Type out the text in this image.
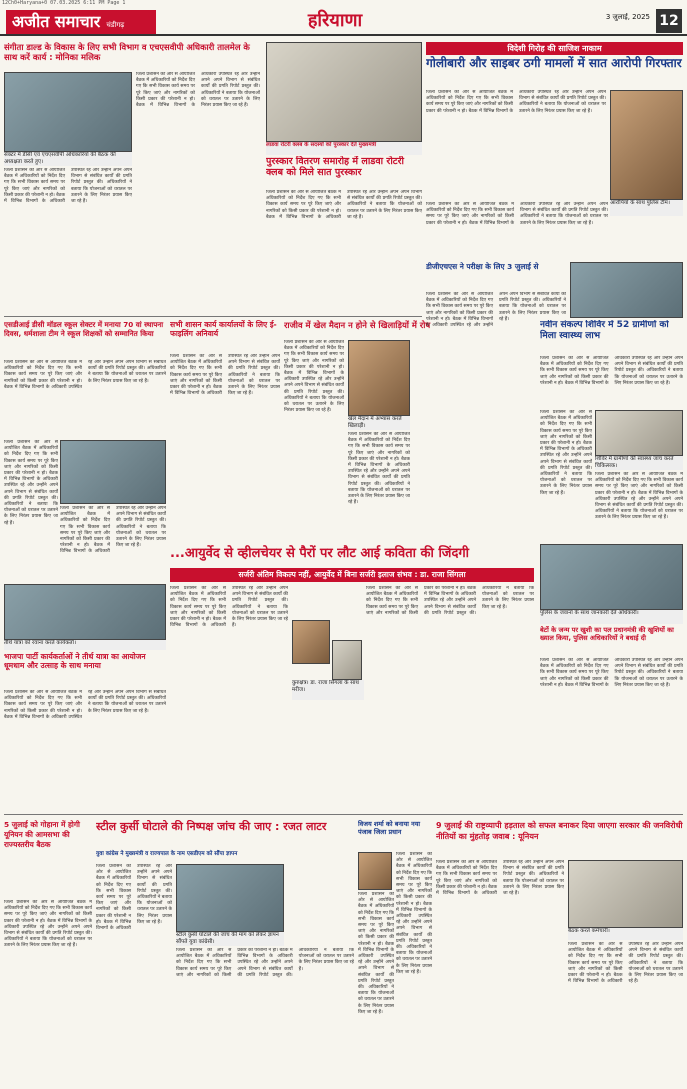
12Ch0+Haryana+0 07.03.2025 6:11 PM Page 1
अजीत समाचार चंडीगढ़	हरियाणा	3 जुलाई, 2025 12
संगीता डाल्ड के विकास के लिए सभी विभाग व एचएसवीपी अधिकारी तालमेल के साथ करें कार्य : मोनिका मलिक
सेक्टर में डीसी एवं एचएसवीपी अधिकारियों की बैठक की अध्यक्षता करते हुए।
जिला प्रशासन की ओर से आयोजित बैठक में अधिकारियों को निर्देश दिए गए कि सभी विकास कार्य समय पर पूरे किए जाएं और नागरिकों को किसी प्रकार की परेशानी न हो। बैठक में विभिन्न विभागों के अधिकारी उपस्थित रहे और उन्होंने अपने अपने विभाग से संबंधित कार्यों की प्रगति रिपोर्ट प्रस्तुत की। अधिकारियों ने बताया कि योजनाओं को धरातल पर उतारने के लिए निरंतर प्रयास किए जा रहे हैं।
जिला प्रशासन की ओर से आयोजित बैठक में अधिकारियों को निर्देश दिए गए कि सभी विकास कार्य समय पर पूरे किए जाएं और नागरिकों को किसी प्रकार की परेशानी न हो। बैठक में विभिन्न विभागों के अधिकारी उपस्थित रहे और उन्होंने अपने अपने विभाग से संबंधित कार्यों की प्रगति रिपोर्ट प्रस्तुत की। अधिकारियों ने बताया कि योजनाओं को धरातल पर उतारने के लिए निरंतर प्रयास किए जा रहे हैं।
लाडवा रोटरी क्लब के सदस्यों को पुरस्कार देते मुख्यमंत्री
पुरस्कार वितरण समारोह में लाडवा रोटरी क्लब को मिले सात पुरस्कार
जिला प्रशासन की ओर से आयोजित बैठक में अधिकारियों को निर्देश दिए गए कि सभी विकास कार्य समय पर पूरे किए जाएं और नागरिकों को किसी प्रकार की परेशानी न हो। बैठक में विभिन्न विभागों के अधिकारी उपस्थित रहे और उन्होंने अपने अपने विभाग से संबंधित कार्यों की प्रगति रिपोर्ट प्रस्तुत की। अधिकारियों ने बताया कि योजनाओं को धरातल पर उतारने के लिए निरंतर प्रयास किए जा रहे हैं।
विदेशी गिरोह की साजिश नाकाम
गोलीबारी और साइबर ठगी मामलों में सात आरोपी गिरफ्तार
जिला प्रशासन की ओर से आयोजित बैठक में अधिकारियों को निर्देश दिए गए कि सभी विकास कार्य समय पर पूरे किए जाएं और नागरिकों को किसी प्रकार की परेशानी न हो। बैठक में विभिन्न विभागों के अधिकारी उपस्थित रहे और उन्होंने अपने अपने विभाग से संबंधित कार्यों की प्रगति रिपोर्ट प्रस्तुत की। अधिकारियों ने बताया कि योजनाओं को धरातल पर उतारने के लिए निरंतर प्रयास किए जा रहे हैं।
आरोपियों के साथ पुलिस टीम।
जिला प्रशासन की ओर से आयोजित बैठक में अधिकारियों को निर्देश दिए गए कि सभी विकास कार्य समय पर पूरे किए जाएं और नागरिकों को किसी प्रकार की परेशानी न हो। बैठक में विभिन्न विभागों के अधिकारी उपस्थित रहे और उन्होंने अपने अपने विभाग से संबंधित कार्यों की प्रगति रिपोर्ट प्रस्तुत की। अधिकारियों ने बताया कि योजनाओं को धरातल पर उतारने के लिए निरंतर प्रयास किए जा रहे हैं।
एसडीआई डीसी मॉडल स्कूल सेक्टर में मनाया 70 वां स्थापना दिवस, धर्मशाला टीम ने स्कूल शिक्षकों को सम्मानित किया
जिला प्रशासन की ओर से आयोजित बैठक में अधिकारियों को निर्देश दिए गए कि सभी विकास कार्य समय पर पूरे किए जाएं और नागरिकों को किसी प्रकार की परेशानी न हो। बैठक में विभिन्न विभागों के अधिकारी उपस्थित रहे और उन्होंने अपने अपने विभाग से संबंधित कार्यों की प्रगति रिपोर्ट प्रस्तुत की। अधिकारियों ने बताया कि योजनाओं को धरातल पर उतारने के लिए निरंतर प्रयास किए जा रहे हैं।
जिला प्रशासन की ओर से आयोजित बैठक में अधिकारियों को निर्देश दिए गए कि सभी विकास कार्य समय पर पूरे किए जाएं और नागरिकों को किसी प्रकार की परेशानी न हो। बैठक में विभिन्न विभागों के अधिकारी उपस्थित रहे और उन्होंने अपने अपने विभाग से संबंधित कार्यों की प्रगति रिपोर्ट प्रस्तुत की। अधिकारियों ने बताया कि योजनाओं को धरातल पर उतारने के लिए निरंतर प्रयास किए जा रहे हैं।
जिला प्रशासन की ओर से आयोजित बैठक में अधिकारियों को निर्देश दिए गए कि सभी विकास कार्य समय पर पूरे किए जाएं और नागरिकों को किसी प्रकार की परेशानी न हो। बैठक में विभिन्न विभागों के अधिकारी उपस्थित रहे और उन्होंने अपने अपने विभाग से संबंधित कार्यों की प्रगति रिपोर्ट प्रस्तुत की। अधिकारियों ने बताया कि योजनाओं को धरातल पर उतारने के लिए निरंतर प्रयास किए जा रहे हैं।
सभी शासन कार्य कार्यालयों के लिए ई-फाइलिंग अनिवार्य
जिला प्रशासन की ओर से आयोजित बैठक में अधिकारियों को निर्देश दिए गए कि सभी विकास कार्य समय पर पूरे किए जाएं और नागरिकों को किसी प्रकार की परेशानी न हो। बैठक में विभिन्न विभागों के अधिकारी उपस्थित रहे और उन्होंने अपने अपने विभाग से संबंधित कार्यों की प्रगति रिपोर्ट प्रस्तुत की। अधिकारियों ने बताया कि योजनाओं को धरातल पर उतारने के लिए निरंतर प्रयास किए जा रहे हैं।
राजीव में खेल मैदान न होने से खिलाड़ियों में रोष
जिला प्रशासन की ओर से आयोजित बैठक में अधिकारियों को निर्देश दिए गए कि सभी विकास कार्य समय पर पूरे किए जाएं और नागरिकों को किसी प्रकार की परेशानी न हो। बैठक में विभिन्न विभागों के अधिकारी उपस्थित रहे और उन्होंने अपने अपने विभाग से संबंधित कार्यों की प्रगति रिपोर्ट प्रस्तुत की। अधिकारियों ने बताया कि योजनाओं को धरातल पर उतारने के लिए निरंतर प्रयास किए जा रहे हैं।
खेल मैदान में अभ्यास करते खिलाड़ी।
जिला प्रशासन की ओर से आयोजित बैठक में अधिकारियों को निर्देश दिए गए कि सभी विकास कार्य समय पर पूरे किए जाएं और नागरिकों को किसी प्रकार की परेशानी न हो। बैठक में विभिन्न विभागों के अधिकारी उपस्थित रहे और उन्होंने अपने अपने विभाग से संबंधित कार्यों की प्रगति रिपोर्ट प्रस्तुत की। अधिकारियों ने बताया कि योजनाओं को धरातल पर उतारने के लिए निरंतर प्रयास किए जा रहे हैं।
डीजीएचएस ने परीक्षा के लिए 3 जुलाई से
जिला प्रशासन की ओर से आयोजित बैठक में अधिकारियों को निर्देश दिए गए कि सभी विकास कार्य समय पर पूरे किए जाएं और नागरिकों को किसी प्रकार की परेशानी न हो। बैठक में विभिन्न विभागों के अधिकारी उपस्थित रहे और उन्होंने अपने अपने विभाग से संबंधित कार्यों की प्रगति रिपोर्ट प्रस्तुत की। अधिकारियों ने बताया कि योजनाओं को धरातल पर उतारने के लिए निरंतर प्रयास किए जा रहे हैं।
नवीन संकल्प शिविर में 52 ग्रामीणों को मिला स्वास्थ्य लाभ
जिला प्रशासन की ओर से आयोजित बैठक में अधिकारियों को निर्देश दिए गए कि सभी विकास कार्य समय पर पूरे किए जाएं और नागरिकों को किसी प्रकार की परेशानी न हो। बैठक में विभिन्न विभागों के अधिकारी उपस्थित रहे और उन्होंने अपने अपने विभाग से संबंधित कार्यों की प्रगति रिपोर्ट प्रस्तुत की। अधिकारियों ने बताया कि योजनाओं को धरातल पर उतारने के लिए निरंतर प्रयास किए जा रहे हैं।
शिविर में ग्रामीणों की स्वास्थ्य जांच करते चिकित्सक।
जिला प्रशासन की ओर से आयोजित बैठक में अधिकारियों को निर्देश दिए गए कि सभी विकास कार्य समय पर पूरे किए जाएं और नागरिकों को किसी प्रकार की परेशानी न हो। बैठक में विभिन्न विभागों के अधिकारी उपस्थित रहे और उन्होंने अपने अपने विभाग से संबंधित कार्यों की प्रगति रिपोर्ट प्रस्तुत की। अधिकारियों ने बताया कि योजनाओं को धरातल पर उतारने के लिए निरंतर प्रयास किए जा रहे हैं।
जिला प्रशासन की ओर से आयोजित बैठक में अधिकारियों को निर्देश दिए गए कि सभी विकास कार्य समय पर पूरे किए जाएं और नागरिकों को किसी प्रकार की परेशानी न हो। बैठक में विभिन्न विभागों के अधिकारी उपस्थित रहे और उन्होंने अपने अपने विभाग से संबंधित कार्यों की प्रगति रिपोर्ट प्रस्तुत की। अधिकारियों ने बताया कि योजनाओं को धरातल पर उतारने के लिए निरंतर प्रयास किए जा रहे हैं।
तीर्थ यात्रा को रवाना करते कार्यकर्ता।
भाजपा पार्टी कार्यकर्ताओं ने तीर्थ यात्रा का आयोजन धूमधाम और उत्साह के साथ मनाया
जिला प्रशासन की ओर से आयोजित बैठक में अधिकारियों को निर्देश दिए गए कि सभी विकास कार्य समय पर पूरे किए जाएं और नागरिकों को किसी प्रकार की परेशानी न हो। बैठक में विभिन्न विभागों के अधिकारी उपस्थित रहे और उन्होंने अपने अपने विभाग से संबंधित कार्यों की प्रगति रिपोर्ट प्रस्तुत की। अधिकारियों ने बताया कि योजनाओं को धरातल पर उतारने के लिए निरंतर प्रयास किए जा रहे हैं।
...आयुर्वेद से व्हीलचेयर से पैरों पर लौट आई कविता की जिंदगी
सर्जरी अंतिम विकल्प नहीं, आयुर्वेद में बिना सर्जरी इलाज संभव : डा. राजा सिंगला
जिला प्रशासन की ओर से आयोजित बैठक में अधिकारियों को निर्देश दिए गए कि सभी विकास कार्य समय पर पूरे किए जाएं और नागरिकों को किसी प्रकार की परेशानी न हो। बैठक में विभिन्न विभागों के अधिकारी उपस्थित रहे और उन्होंने अपने अपने विभाग से संबंधित कार्यों की प्रगति रिपोर्ट प्रस्तुत की। अधिकारियों ने बताया कि योजनाओं को धरातल पर उतारने के लिए निरंतर प्रयास किए जा रहे हैं।
कुरुक्षेत्र। डा. राजा सिंगला के साथ मरीज।
जिला प्रशासन की ओर से आयोजित बैठक में अधिकारियों को निर्देश दिए गए कि सभी विकास कार्य समय पर पूरे किए जाएं और नागरिकों को किसी प्रकार की परेशानी न हो। बैठक में विभिन्न विभागों के अधिकारी उपस्थित रहे और उन्होंने अपने अपने विभाग से संबंधित कार्यों की प्रगति रिपोर्ट प्रस्तुत की। अधिकारियों ने बताया कि योजनाओं को धरातल पर उतारने के लिए निरंतर प्रयास किए जा रहे हैं।
पुलिस के जवानों के साथ जानकारी देते अधिकारी।
बेटों के जन्म पर खुशी का पल प्रधानमंत्री की खुशियों का ख्याल किया, पुलिस अधिकारियों ने बधाई दी
जिला प्रशासन की ओर से आयोजित बैठक में अधिकारियों को निर्देश दिए गए कि सभी विकास कार्य समय पर पूरे किए जाएं और नागरिकों को किसी प्रकार की परेशानी न हो। बैठक में विभिन्न विभागों के अधिकारी उपस्थित रहे और उन्होंने अपने अपने विभाग से संबंधित कार्यों की प्रगति रिपोर्ट प्रस्तुत की। अधिकारियों ने बताया कि योजनाओं को धरातल पर उतारने के लिए निरंतर प्रयास किए जा रहे हैं।
5 जुलाई को गोहाना में होगी यूनियन की आमसभा की राज्यस्तरीय बैठक
जिला प्रशासन की ओर से आयोजित बैठक में अधिकारियों को निर्देश दिए गए कि सभी विकास कार्य समय पर पूरे किए जाएं और नागरिकों को किसी प्रकार की परेशानी न हो। बैठक में विभिन्न विभागों के अधिकारी उपस्थित रहे और उन्होंने अपने अपने विभाग से संबंधित कार्यों की प्रगति रिपोर्ट प्रस्तुत की। अधिकारियों ने बताया कि योजनाओं को धरातल पर उतारने के लिए निरंतर प्रयास किए जा रहे हैं।
स्टील कुर्सी घोटाले की निष्पक्ष जांच की जाए : रजत लाटर
युवा कांग्रेस ने मुख्यमंत्री व राज्यपाल के नाम एसडीएम को सौंपा ज्ञापन
स्टील कुर्सी घोटाले की जांच की मांग को लेकर ज्ञापन सौंपते युवा कांग्रेसी।
जिला प्रशासन की ओर से आयोजित बैठक में अधिकारियों को निर्देश दिए गए कि सभी विकास कार्य समय पर पूरे किए जाएं और नागरिकों को किसी प्रकार की परेशानी न हो। बैठक में विभिन्न विभागों के अधिकारी उपस्थित रहे और उन्होंने अपने अपने विभाग से संबंधित कार्यों की प्रगति रिपोर्ट प्रस्तुत की। अधिकारियों ने बताया कि योजनाओं को धरातल पर उतारने के लिए निरंतर प्रयास किए जा रहे हैं।
जिला प्रशासन की ओर से आयोजित बैठक में अधिकारियों को निर्देश दिए गए कि सभी विकास कार्य समय पर पूरे किए जाएं और नागरिकों को किसी प्रकार की परेशानी न हो। बैठक में विभिन्न विभागों के अधिकारी उपस्थित रहे और उन्होंने अपने अपने विभाग से संबंधित कार्यों की प्रगति रिपोर्ट प्रस्तुत की। अधिकारियों ने बताया कि योजनाओं को धरातल पर उतारने के लिए निरंतर प्रयास किए जा रहे हैं।
विजय शर्मा को बनाया नया पंजाब जिला प्रधान
जिला प्रशासन की ओर से आयोजित बैठक में अधिकारियों को निर्देश दिए गए कि सभी विकास कार्य समय पर पूरे किए जाएं और नागरिकों को किसी प्रकार की परेशानी न हो। बैठक में विभिन्न विभागों के अधिकारी उपस्थित रहे और उन्होंने अपने अपने विभाग से संबंधित कार्यों की प्रगति रिपोर्ट प्रस्तुत की। अधिकारियों ने बताया कि योजनाओं को धरातल पर उतारने के लिए निरंतर प्रयास किए जा रहे हैं।
जिला प्रशासन की ओर से आयोजित बैठक में अधिकारियों को निर्देश दिए गए कि सभी विकास कार्य समय पर पूरे किए जाएं और नागरिकों को किसी प्रकार की परेशानी न हो। बैठक में विभिन्न विभागों के अधिकारी उपस्थित रहे और उन्होंने अपने अपने विभाग से संबंधित कार्यों की प्रगति रिपोर्ट प्रस्तुत की। अधिकारियों ने बताया कि योजनाओं को धरातल पर उतारने के लिए निरंतर प्रयास किए जा रहे हैं।
9 जुलाई की राष्ट्रव्यापी हड़ताल को सफल बनाकर दिया जाएगा सरकार की जनविरोधी नीतियों का मुंहतोड़ जवाब : यूनियन
जिला प्रशासन की ओर से आयोजित बैठक में अधिकारियों को निर्देश दिए गए कि सभी विकास कार्य समय पर पूरे किए जाएं और नागरिकों को किसी प्रकार की परेशानी न हो। बैठक में विभिन्न विभागों के अधिकारी उपस्थित रहे और उन्होंने अपने अपने विभाग से संबंधित कार्यों की प्रगति रिपोर्ट प्रस्तुत की। अधिकारियों ने बताया कि योजनाओं को धरातल पर उतारने के लिए निरंतर प्रयास किए जा रहे हैं।
बैठक करते कर्मचारी।
जिला प्रशासन की ओर से आयोजित बैठक में अधिकारियों को निर्देश दिए गए कि सभी विकास कार्य समय पर पूरे किए जाएं और नागरिकों को किसी प्रकार की परेशानी न हो। बैठक में विभिन्न विभागों के अधिकारी उपस्थित रहे और उन्होंने अपने अपने विभाग से संबंधित कार्यों की प्रगति रिपोर्ट प्रस्तुत की। अधिकारियों ने बताया कि योजनाओं को धरातल पर उतारने के लिए निरंतर प्रयास किए जा रहे हैं।
